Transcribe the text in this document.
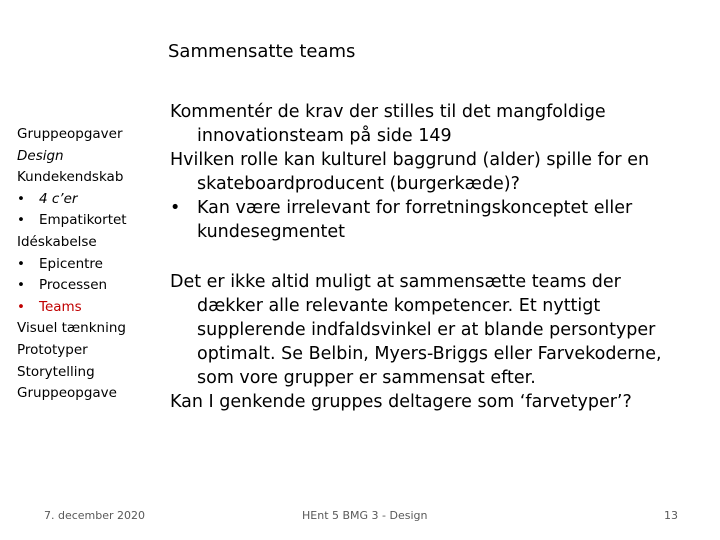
Sammensatte teams
Gruppeopgaver
Design
Kundekendskab
• 4 c’er
• Empatikortet
Idéskabelse
• Epicentre
• Processen
• Teams
Visuel tænkning
Prototyper
Storytelling
Gruppeopgave

Kommentér de krav der stilles til det mangfoldige innovationsteam på side 149

Hvilken rolle kan kulturel baggrund (alder) spille for en skateboardproducent (burgerkæde)?

• Kan være irrelevant for forretningskonceptet eller kundesegmentet

Det er ikke altid muligt at sammensætte teams der dækker alle relevante kompetencer. Et nyttigt supplerende indfaldsvinkel er at blande persontyper optimalt. Se Belbin, Myers-Briggs eller Farvekoderne, som vore grupper er sammensat efter.

Kan I genkende gruppes deltagere som ‘farvetyper’?

7. december 2020	HEnt 5 BMG 3 - Design	13
